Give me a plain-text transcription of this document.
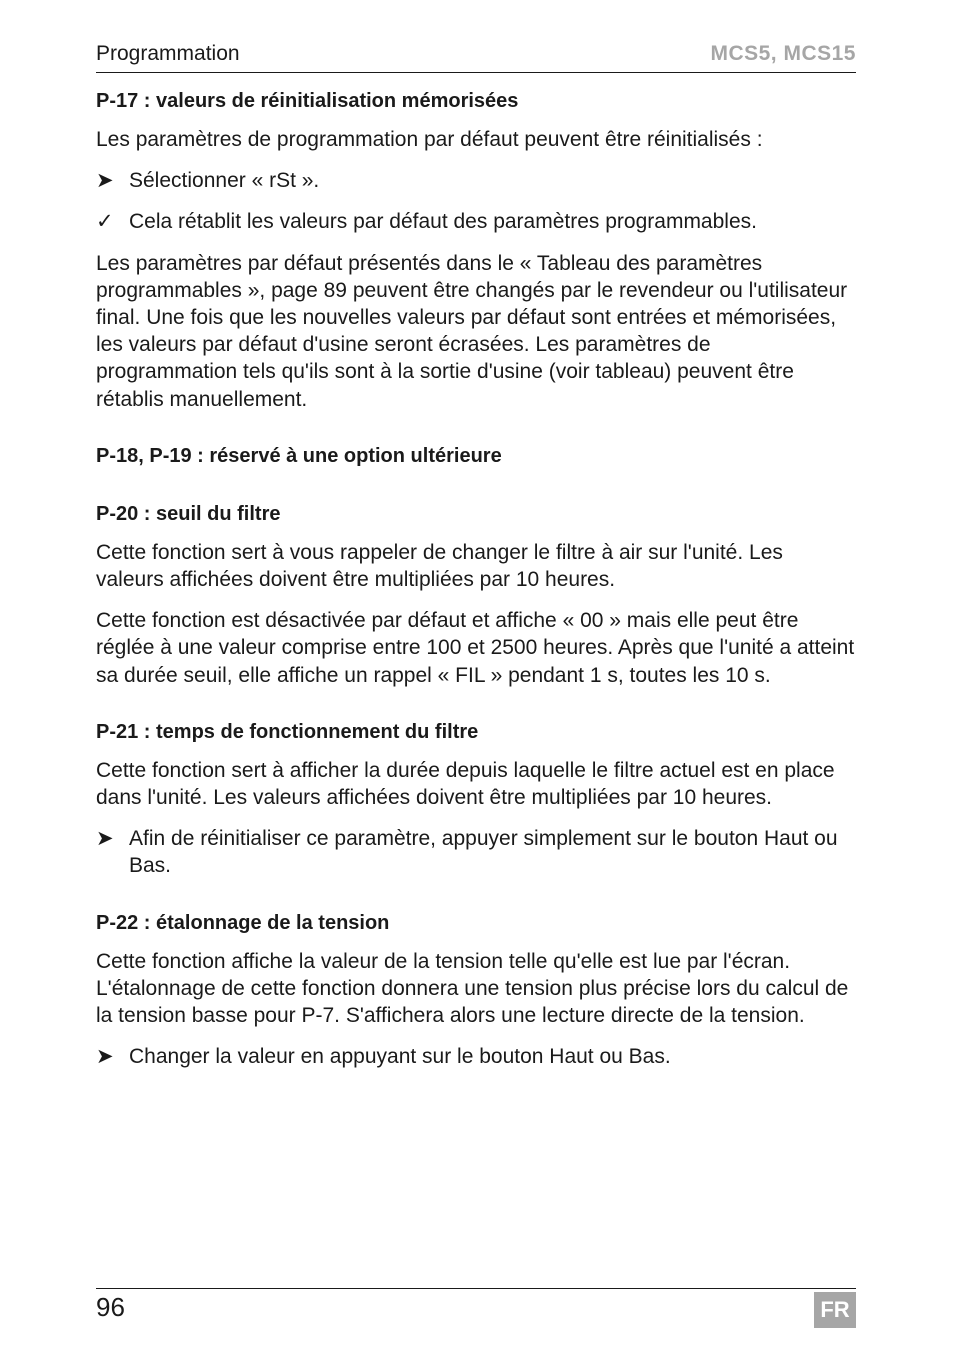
Programmation	MCS5, MCS15
P-17 : valeurs de réinitialisation mémorisées

Les paramètres de programmation par défaut peuvent être réinitialisés :

➤ Sélectionner « rSt ».
✓ Cela rétablit les valeurs par défaut des paramètres programmables.

Les paramètres par défaut présentés dans le « Tableau des paramètres programmables », page 89 peuvent être changés par le revendeur ou l'utilisateur final. Une fois que les nouvelles valeurs par défaut sont entrées et mémorisées, les valeurs par défaut d'usine seront écrasées. Les paramètres de programmation tels qu'ils sont à la sortie d'usine (voir tableau) peuvent être rétablis manuellement.

P-18, P-19 : réservé à une option ultérieure
P-20 : seuil du filtre

Cette fonction sert à vous rappeler de changer le filtre à air sur l'unité. Les valeurs affichées doivent être multipliées par 10 heures.

Cette fonction est désactivée par défaut et affiche « 00 » mais elle peut être réglée à une valeur comprise entre 100 et 2500 heures. Après que l'unité a atteint sa durée seuil, elle affiche un rappel « FIL » pendant 1 s, toutes les 10 s.

P-21 : temps de fonctionnement du filtre

Cette fonction sert à afficher la durée depuis laquelle le filtre actuel est en place dans l'unité. Les valeurs affichées doivent être multipliées par 10 heures.

➤ Afin de réinitialiser ce paramètre, appuyer simplement sur le bouton Haut ou Bas.
P-22 : étalonnage de la tension

Cette fonction affiche la valeur de la tension telle qu'elle est lue par l'écran. L'étalonnage de cette fonction donnera une tension plus précise lors du calcul de la tension basse pour P-7. S'affichera alors une lecture directe de la tension.

➤ Changer la valeur en appuyant sur le bouton Haut ou Bas.
96	FR
